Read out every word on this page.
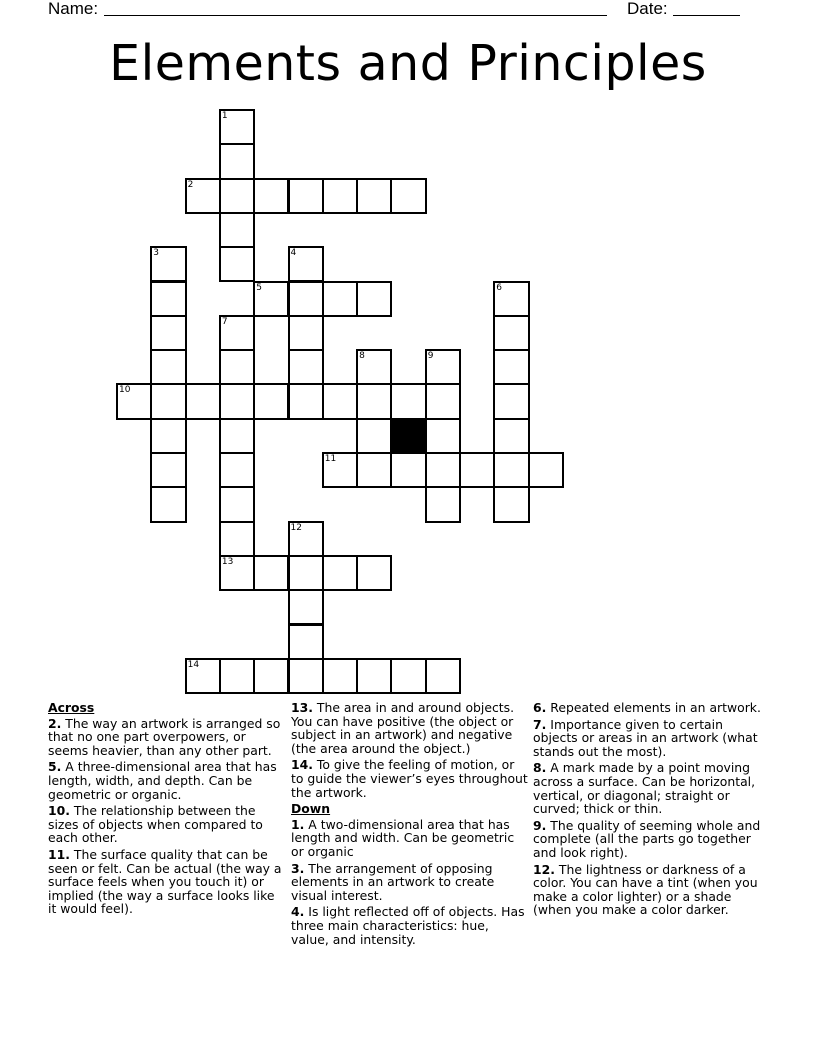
Name:	Date:
Elements and Principles
1
2
3	4
5	6
7
13
8	9
10
11
12
14
Across
2. The way an artwork is arranged so that no one part overpowers, or seems heavier, than any other part.
5. A three-dimensional area that has length, width, and depth. Can be geometric or organic.
10. The relationship between the sizes of objects when compared to each other.
11. The surface quality that can be seen or felt. Can be actual (the way a surface feels when you touch it) or implied (the way a surface looks like it would feel).
13. The area in and around objects. You can have positive (the object or subject in an artwork) and negative (the area around the object.)
14. To give the feeling of motion, or to guide the viewer’s eyes throughout the artwork.
Down
1. A two-dimensional area that has length and width. Can be geometric or organic
3. The arrangement of opposing elements in an artwork to create visual interest.
4. Is light reflected off of objects. Has three main characteristics: hue, value, and intensity.
6. Repeated elements in an artwork.
7. Importance given to certain objects or areas in an artwork (what stands out the most).
8. A mark made by a point moving across a surface. Can be horizontal, vertical, or diagonal; straight or curved; thick or thin.
9. The quality of seeming whole and complete (all the parts go together and look right).
12. The lightness or darkness of a color. You can have a tint (when you make a color lighter) or a shade (when you make a color darker.
